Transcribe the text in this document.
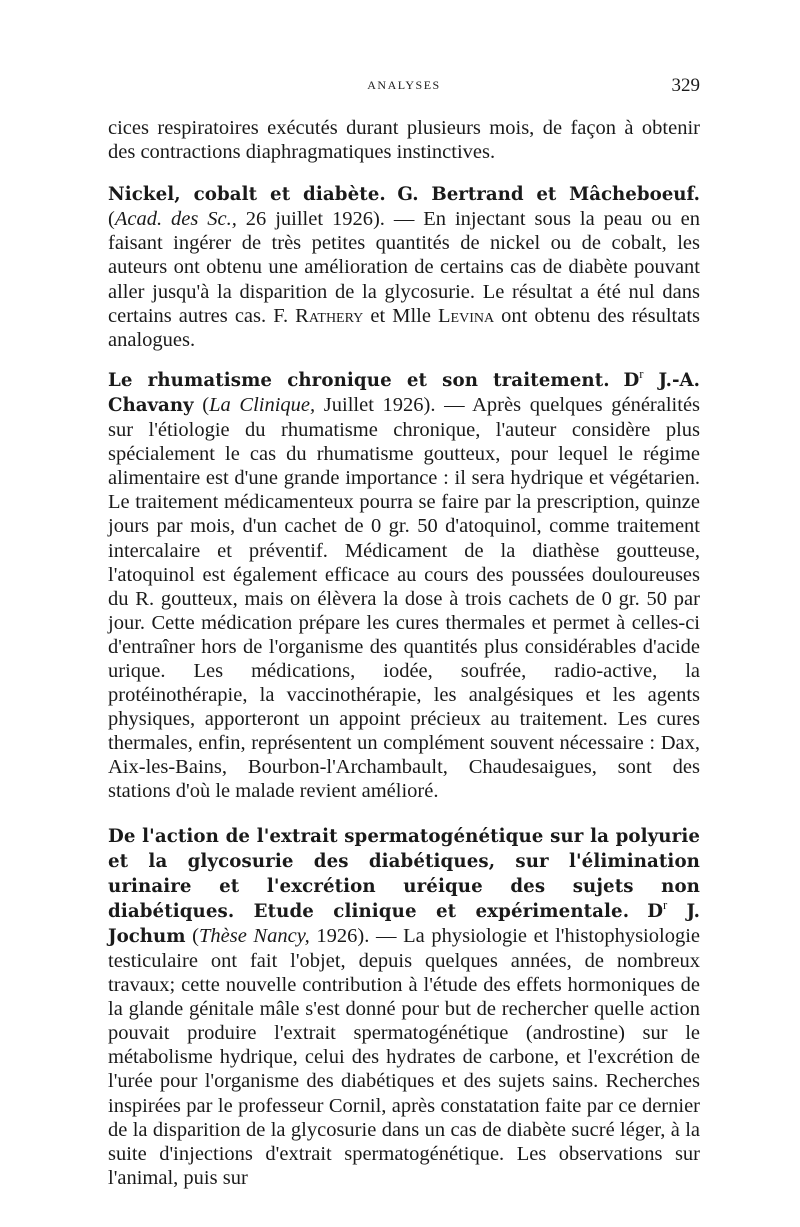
ANALYSES	329

cices respiratoires exécutés durant plusieurs mois, de façon à obtenir des contractions diaphragmatiques instinctives.

Nickel, cobalt et diabète. G. Bertrand et Mâcheboeuf. (Acad. des Sc., 26 juillet 1926). — En injectant sous la peau ou en faisant ingérer de très petites quantités de nickel ou de cobalt, les auteurs ont obtenu une amélioration de certains cas de diabète pouvant aller jusqu'à la disparition de la glycosurie. Le résultat a été nul dans certains autres cas. F. Rathery et Mlle Levina ont obtenu des résultats analogues.

Le rhumatisme chronique et son traitement. $D^r$ J.-A. Chavany (La Clinique, Juillet 1926). — Après quelques généralités sur l'étiologie du rhumatisme chronique, l'auteur considère plus spécialement le cas du rhumatisme goutteux, pour lequel le régime alimentaire est d'une grande importance : il sera hydrique et végétarien. Le traitement médicamenteux pourra se faire par la prescription, quinze jours par mois, d'un cachet de 0 gr. 50 d'atoquinol, comme traitement intercalaire et préventif. Médicament de la diathèse goutteuse, l'atoquinol est également efficace au cours des poussées douloureuses du R. goutteux, mais on élèvera la dose à trois cachets de 0 gr. 50 par jour. Cette médication prépare les cures thermales et permet à celles-ci d'entraîner hors de l'organisme des quantités plus considérables d'acide urique. Les médications, iodée, soufrée, radio-active, la protéinothérapie, la vaccinothérapie, les analgésiques et les agents physiques, apporteront un appoint précieux au traitement. Les cures thermales, enfin, représentent un complément souvent nécessaire : Dax, Aix-les-Bains, Bourbon-l'Archambault, Chaudesaigues, sont des stations d'où le malade revient amélioré.

De l'action de l'extrait spermatogénétique sur la polyurie et la glycosurie des diabétiques, sur l'élimination urinaire et l'excrétion uréique des sujets non diabétiques. Etude clinique et expérimentale. $D^r$ J. Jochum (Thèse Nancy, 1926). — La physiologie et l'histophysiologie testiculaire ont fait l'objet, depuis quelques années, de nombreux travaux; cette nouvelle contribution à l'étude des effets hormoniques de la glande génitale mâle s'est donné pour but de rechercher quelle action pouvait produire l'extrait spermatogénétique (androstine) sur le métabolisme hydrique, celui des hydrates de carbone, et l'excrétion de l'urée pour l'organisme des diabétiques et des sujets sains. Recherches inspirées par le professeur Cornil, après constatation faite par ce dernier de la disparition de la glycosurie dans un cas de diabète sucré léger, à la suite d'injections d'extrait spermatogénétique. Les observations sur l'animal, puis sur
